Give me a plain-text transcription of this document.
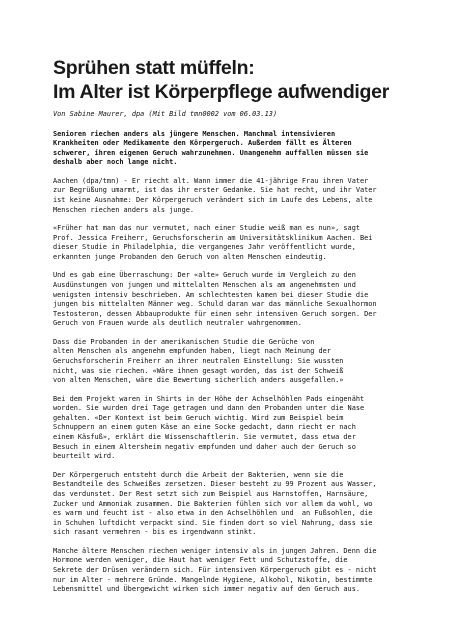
Sprühen statt müffeln:
Im Alter ist Körperpflege aufwendiger
Von Sabine Maurer, dpa (Mit Bild tmn0002 vom 06.03.13)
Senioren riechen anders als jüngere Menschen. Manchmal intensivieren
Krankheiten oder Medikamente den Körpergeruch. Außerdem fällt es Älteren
schwerer, ihren eigenen Geruch wahrzunehmen. Unangenehm auffallen müssen sie
deshalb aber noch lange nicht.
Aachen (dpa/tmn) - Er riecht alt. Wann immer die 41-jährige Frau ihren Vater
zur Begrüßung umarmt, ist das ihr erster Gedanke. Sie hat recht, und ihr Vater
ist keine Ausnahme: Der Körpergeruch verändert sich im Laufe des Lebens, alte
Menschen riechen anders als junge.
«Früher hat man das nur vermutet, nach einer Studie weiß man es nun», sagt
Prof. Jessica Freiherr, Geruchsforscherin am Universitätsklinikum Aachen. Bei
dieser Studie in Philadelphia, die vergangenes Jahr veröffentlicht wurde,
erkannten junge Probanden den Geruch von alten Menschen eindeutig.
Und es gab eine Überraschung: Der «alte» Geruch wurde im Vergleich zu den
Ausdünstungen von jungen und mittelalten Menschen als am angenehmsten und
wenigsten intensiv beschrieben. Am schlechtesten kamen bei dieser Studie die
jungen bis mittelalten Männer weg. Schuld daran war das männliche Sexualhormon
Testosteron, dessen Abbauprodukte für einen sehr intensiven Geruch sorgen. Der
Geruch von Frauen wurde als deutlich neutraler wahrgenommen.
Dass die Probanden in der amerikanischen Studie die Gerüche von
alten Menschen als angenehm empfunden haben, liegt nach Meinung der
Geruchsforscherin Freiherr an ihrer neutralen Einstellung: Sie wussten
nicht, was sie riechen. «Wäre ihnen gesagt worden, das ist der Schweiß
von alten Menschen, wäre die Bewertung sicherlich anders ausgefallen.»
Bei dem Projekt waren in Shirts in der Höhe der Achselhöhlen Pads eingenäht
worden. Sie wurden drei Tage getragen und dann den Probanden unter die Nase
gehalten. «Der Kontext ist beim Geruch wichtig. Wird zum Beispiel beim
Schnuppern an einem guten Käse an eine Socke gedacht, dann riecht er nach
einem Käsfuß», erklärt die Wissenschaftlerin. Sie vermutet, dass etwa der
Besuch in einem Altersheim negativ empfunden und daher auch der Geruch so
beurteilt wird.
Der Körpergeruch entsteht durch die Arbeit der Bakterien, wenn sie die
Bestandteile des Schweißes zersetzen. Dieser besteht zu 99 Prozent aus Wasser,
das verdunstet. Der Rest setzt sich zum Beispiel aus Harnstoffen, Harnsäure,
Zucker und Ammoniak zusammen. Die Bakterien fühlen sich vor allem da wohl, wo
es warm und feucht ist - also etwa in den Achselhöhlen und  an Fußsohlen, die
in Schuhen luftdicht verpackt sind. Sie finden dort so viel Nahrung, dass sie
sich rasant vermehren - bis es irgendwann stinkt.
Manche ältere Menschen riechen weniger intensiv als in jungen Jahren. Denn die
Hormone werden weniger, die Haut hat weniger Fett und Schutzstoffe, die
Sekrete der Drüsen verändern sich. Für intensiven Körpergeruch gibt es - nicht
nur im Alter - mehrere Gründe. Mangelnde Hygiene, Alkohol, Nikotin, bestimmte
Lebensmittel und Übergewicht wirken sich immer negativ auf den Geruch aus.
